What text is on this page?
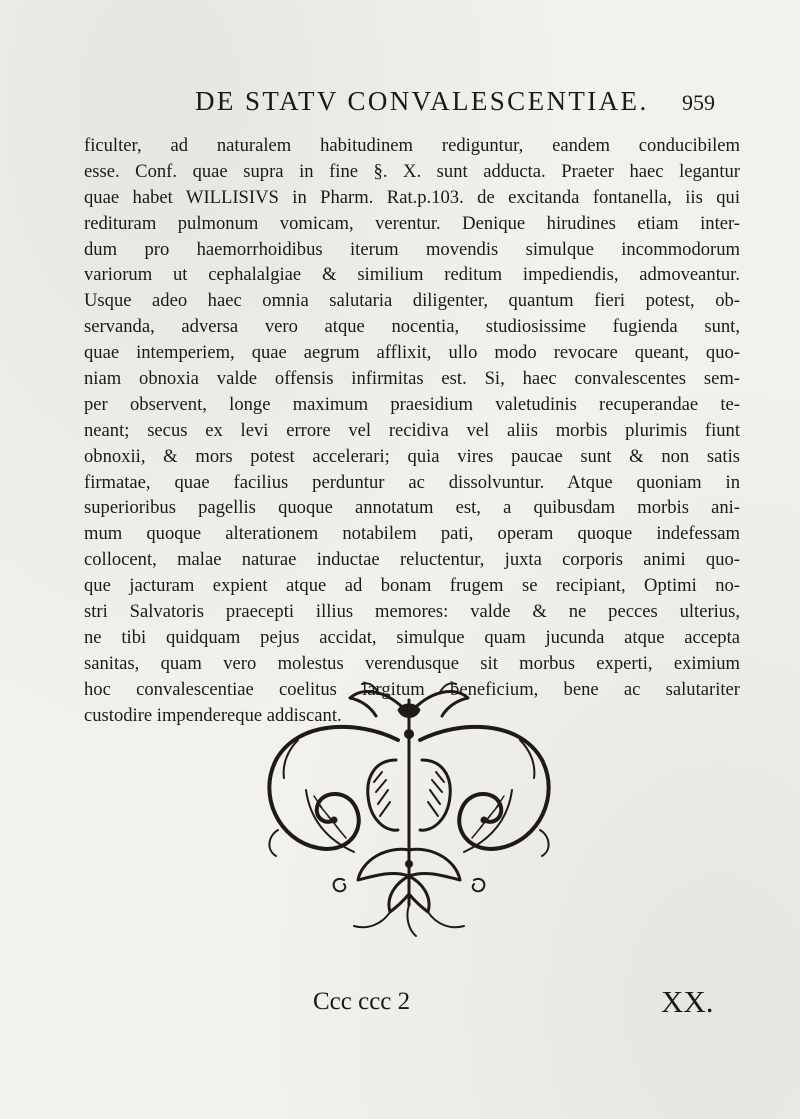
DE STATV CONVALESCENTIAE. 959
ficulter, ad naturalem habitudinem rediguntur, eandem conducibilem
esse. Conf. quae supra in fine §. X. sunt adducta. Praeter haec legantur
quae habet WILLISIVS in Pharm. Rat.p.103. de excitanda fontanella, iis qui
redituram pulmonum vomicam, verentur. Denique hirudines etiam inter-
dum pro haemorrhoidibus iterum movendis simulque incommodorum
variorum ut cephalalgiae & similium reditum impediendis, admoveantur.
Usque adeo haec omnia salutaria diligenter, quantum fieri potest, ob-
servanda, adversa vero atque nocentia, studiosissime fugienda sunt,
quae intemperiem, quae aegrum afflixit, ullo modo revocare queant, quo-
niam obnoxia valde offensis infirmitas est. Si, haec convalescentes sem-
per observent, longe maximum praesidium valetudinis recuperandae te-
neant; secus ex levi errore vel recidiva vel aliis morbis plurimis fiunt
obnoxii, & mors potest accelerari; quia vires paucae sunt & non satis
firmatae, quae facilius perduntur ac dissolvuntur. Atque quoniam in
superioribus pagellis quoque annotatum est, a quibusdam morbis ani-
mum quoque alterationem notabilem pati, operam quoque indefessam
collocent, malae naturae inductae reluctentur, juxta corporis animi quo-
que jacturam expient atque ad bonam frugem se recipiant, Optimi no-
stri Salvatoris praecepti illius memores: valde & ne pecces ulterius,
ne tibi quidquam pejus accidat, simulque quam jucunda atque accepta
sanitas, quam vero molestus verendusque sit morbus experti, eximium
hoc convalescentiae coelitus largitum beneficium, bene ac salutariter
custodire impendereque addiscant.
Ccc ccc 2	XX.
